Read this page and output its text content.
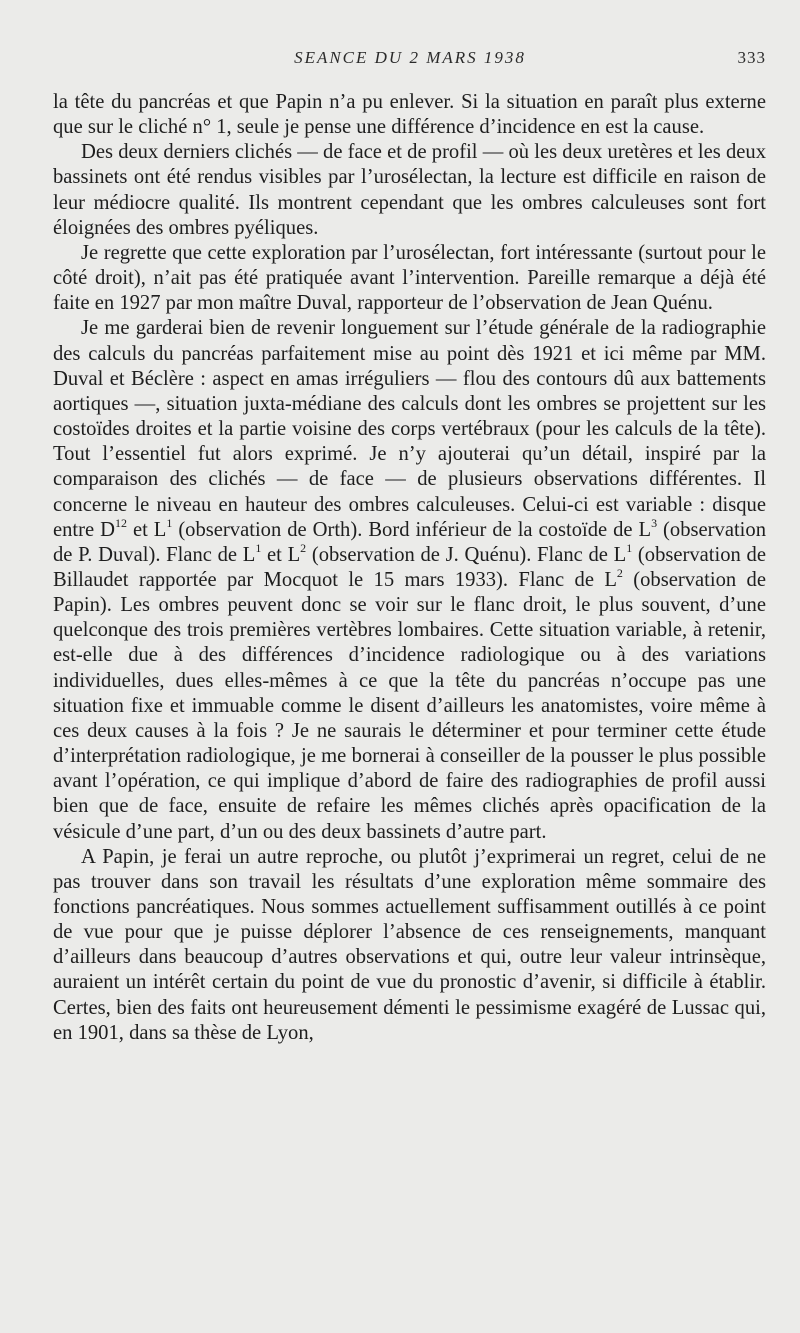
SEANCE DU 2 MARS 1938	333

la tête du pancréas et que Papin n’a pu enlever. Si la situation en paraît plus externe que sur le cliché n° 1, seule je pense une différence d’incidence en est la cause.

Des deux derniers clichés — de face et de profil — où les deux uretères et les deux bassinets ont été rendus visibles par l’urosélectan, la lecture est difficile en raison de leur médiocre qualité. Ils montrent cependant que les ombres calculeuses sont fort éloignées des ombres pyéliques.

Je regrette que cette exploration par l’urosélectan, fort intéressante (surtout pour le côté droit), n’ait pas été pratiquée avant l’intervention. Pareille remarque a déjà été faite en 1927 par mon maître Duval, rapporteur de l’observation de Jean Quénu.

Je me garderai bien de revenir longuement sur l’étude générale de la radiographie des calculs du pancréas parfaitement mise au point dès 1921 et ici même par MM. Duval et Béclère : aspect en amas irréguliers — flou des contours dû aux battements aortiques —, situation juxta-médiane des calculs dont les ombres se projettent sur les costoïdes droites et la partie voisine des corps vertébraux (pour les calculs de la tête). Tout l’essentiel fut alors exprimé. Je n’y ajouterai qu’un détail, inspiré par la comparaison des clichés — de face — de plusieurs observations différentes. Il concerne le niveau en hauteur des ombres calculeuses. Celui-ci est variable : disque entre $D^{12}$ et $L^1$ (observation de Orth). Bord inférieur de la costoïde de $L^3$ (observation de P. Duval). Flanc de $L^1$ et $L^2$ (observation de J. Quénu). Flanc de $L^1$ (observation de Billaudet rapportée par Mocquot le 15 mars 1933). Flanc de $L^2$ (observation de Papin). Les ombres peuvent donc se voir sur le flanc droit, le plus souvent, d’une quelconque des trois premières vertèbres lombaires. Cette situation variable, à retenir, est-elle due à des différences d’incidence radiologique ou à des variations individuelles, dues elles-mêmes à ce que la tête du pancréas n’occupe pas une situation fixe et immuable comme le disent d’ailleurs les anatomistes, voire même à ces deux causes à la fois ? Je ne saurais le déterminer et pour terminer cette étude d’interprétation radiologique, je me bornerai à conseiller de la pousser le plus possible avant l’opération, ce qui implique d’abord de faire des radiographies de profil aussi bien que de face, ensuite de refaire les mêmes clichés après opacification de la vésicule d’une part, d’un ou des deux bassinets d’autre part.

A Papin, je ferai un autre reproche, ou plutôt j’exprimerai un regret, celui de ne pas trouver dans son travail les résultats d’une exploration même sommaire des fonctions pancréatiques. Nous sommes actuellement suffisamment outillés à ce point de vue pour que je puisse déplorer l’absence de ces renseignements, manquant d’ailleurs dans beaucoup d’autres observations et qui, outre leur valeur intrinsèque, auraient un intérêt certain du point de vue du pronostic d’avenir, si difficile à établir. Certes, bien des faits ont heureusement démenti le pessimisme exagéré de Lussac qui, en 1901, dans sa thèse de Lyon,
